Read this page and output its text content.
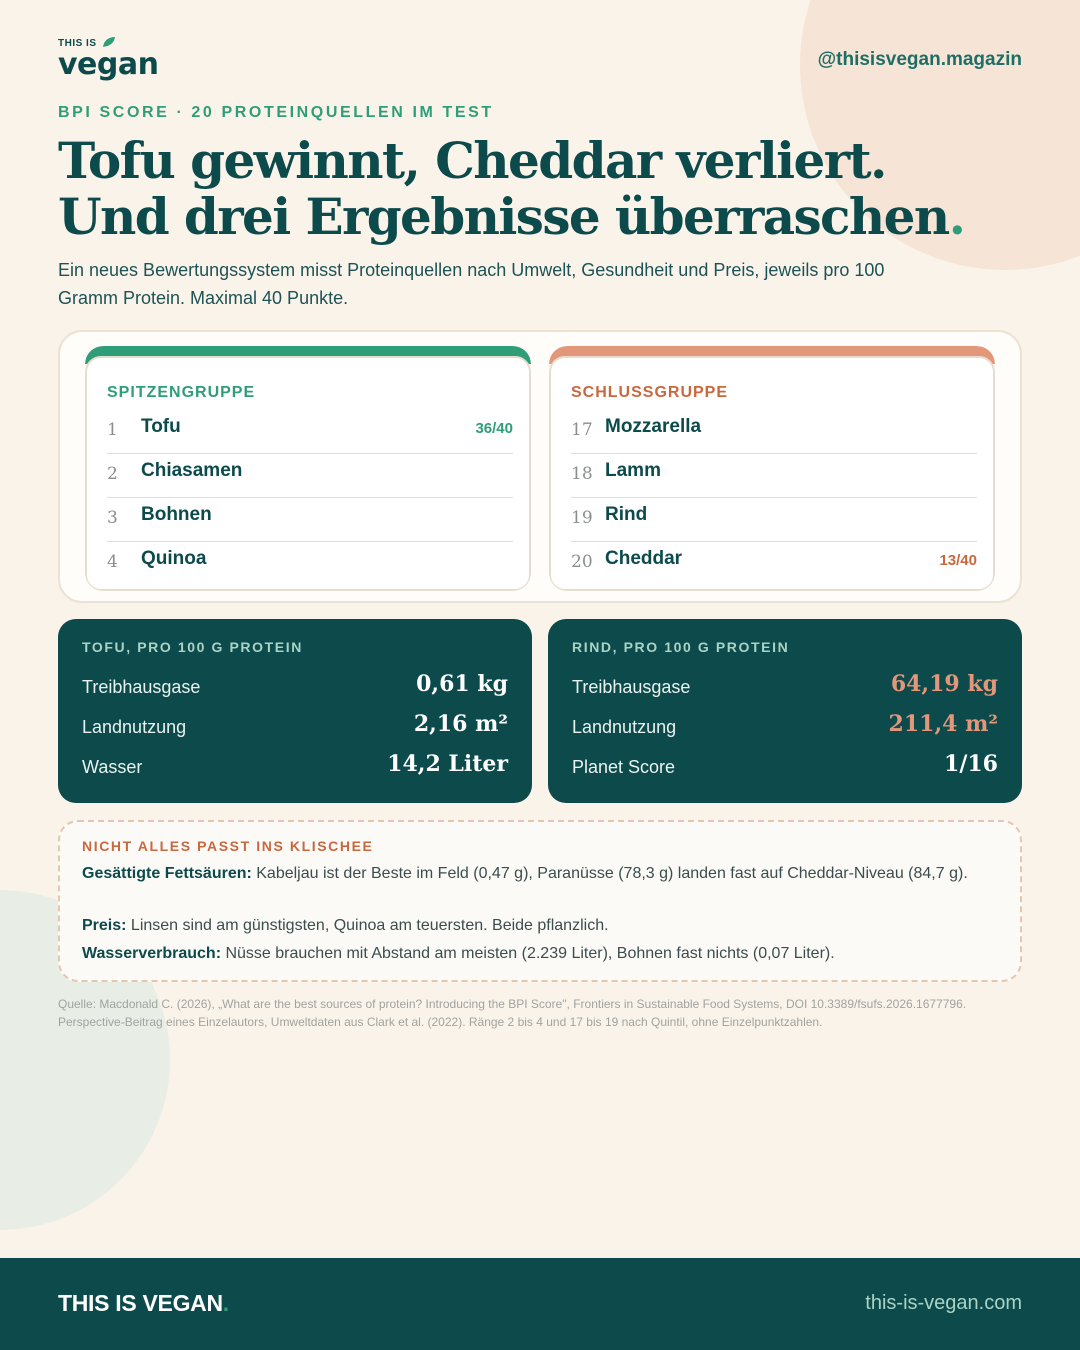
THIS IS
vegan	@thisisvegan.magazin
BPI SCORE · 20 PROTEINQUELLEN IM TEST
Tofu gewinnt, Cheddar verliert. Und drei Ergebnisse überraschen.

Ein neues Bewertungssystem misst Proteinquellen nach Umwelt, Gesundheit und Preis, jeweils pro 100 Gramm Protein. Maximal 40 Punkte.

SPITZENGRUPPE
1 Tofu	36/40
2 Chiasamen
3 Bohnen
4 Quinoa
SCHLUSSGRUPPE
17 Mozzarella
18 Lamm
19 Rind
20 Cheddar	13/40
TOFU, PRO 100 G PROTEIN
Treibhausgase	0,61 kg
Landnutzung	2,16 m²
Wasser	14,2 Liter
RIND, PRO 100 G PROTEIN
Treibhausgase	64,19 kg
Landnutzung	211,4 m²
Planet Score	1/16
NICHT ALLES PASST INS KLISCHEE

Gesättigte Fettsäuren: Kabeljau ist der Beste im Feld (0,47 g), Paranüsse (78,3 g) landen fast auf Cheddar-Niveau (84,7 g).

Preis: Linsen sind am günstigsten, Quinoa am teuersten. Beide pflanzlich.

Wasserverbrauch: Nüsse brauchen mit Abstand am meisten (2.239 Liter), Bohnen fast nichts (0,07 Liter).

Quelle: Macdonald C. (2026), „What are the best sources of protein? Introducing the BPI Score", Frontiers in Sustainable Food Systems, DOI 10.3389/fsufs.2026.1677796. Perspective-Beitrag eines Einzelautors, Umweltdaten aus Clark et al. (2022). Ränge 2 bis 4 und 17 bis 19 nach Quintil, ohne Einzelpunktzahlen.

THIS IS VEGAN.	this-is-vegan.com
